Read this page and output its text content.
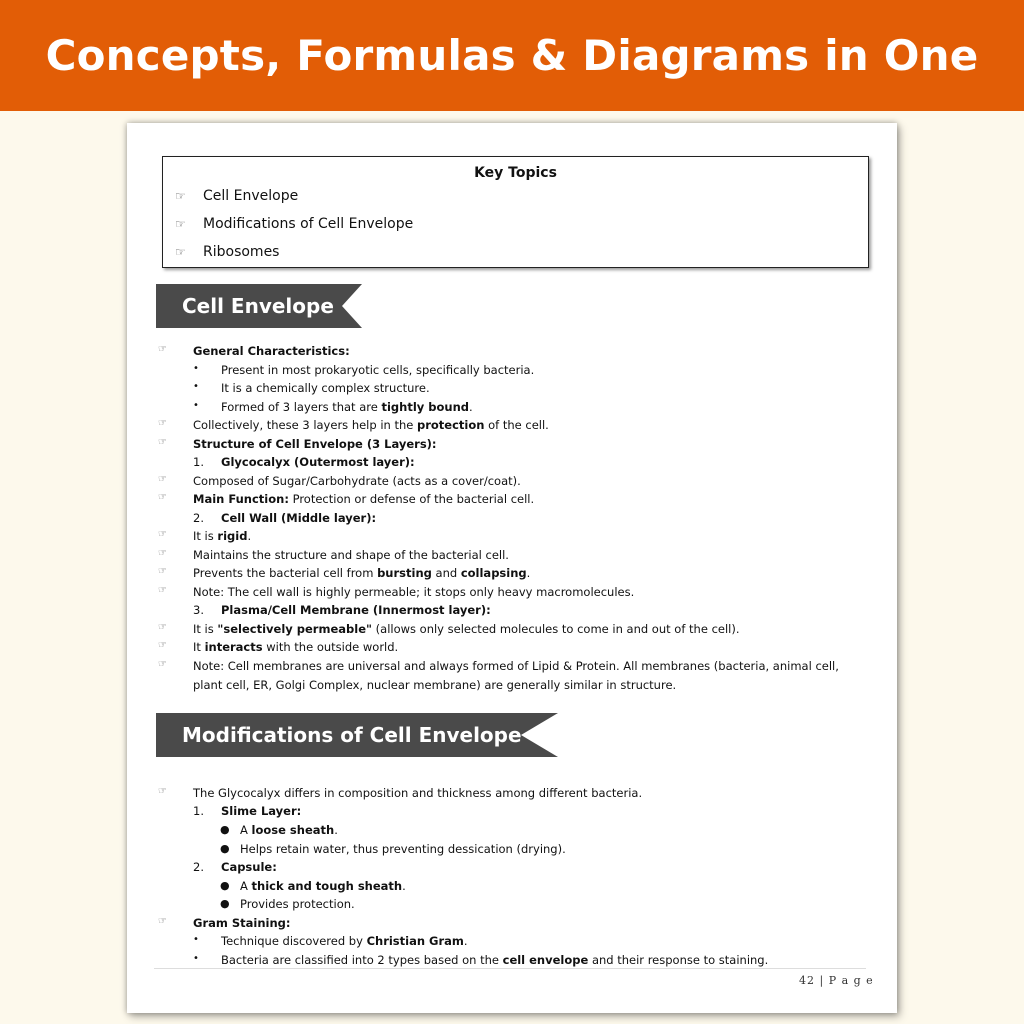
Concepts, Formulas & Diagrams in One
Key Topics
☞ Cell Envelope
☞ Modifications of Cell Envelope
☞ Ribosomes
Cell Envelope
☞ General Characteristics:
• Present in most prokaryotic cells, specifically bacteria.
• It is a chemically complex structure.
• Formed of 3 layers that are tightly bound.
☞ Collectively, these 3 layers help in the protection of the cell.
☞ Structure of Cell Envelope (3 Layers):
1. Glycocalyx (Outermost layer):
☞ Composed of Sugar/Carbohydrate (acts as a cover/coat).
☞ Main Function: Protection or defense of the bacterial cell.
2. Cell Wall (Middle layer):
☞ It is rigid.
☞ Maintains the structure and shape of the bacterial cell.
☞ Prevents the bacterial cell from bursting and collapsing.
☞ Note: The cell wall is highly permeable; it stops only heavy macromolecules.
3. Plasma/Cell Membrane (Innermost layer):
☞ It is "selectively permeable" (allows only selected molecules to come in and out of the cell).
☞ It interacts with the outside world.
☞ Note: Cell membranes are universal and always formed of Lipid & Protein. All membranes (bacteria, animal cell,
plant cell, ER, Golgi Complex, nuclear membrane) are generally similar in structure.
Modifications of Cell Envelope
☞ The Glycocalyx differs in composition and thickness among different bacteria.
1. Slime Layer:
● A loose sheath.
● Helps retain water, thus preventing dessication (drying).
2. Capsule:
● A thick and tough sheath.
● Provides protection.
☞ Gram Staining:
• Technique discovered by Christian Gram.
• Bacteria are classified into 2 types based on the cell envelope and their response to staining.
42 | P a g e
